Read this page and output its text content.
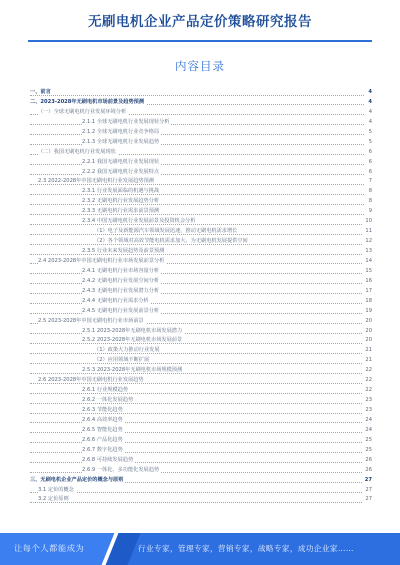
无刷电机企业产品定价策略研究报告
内容目录
一、前言	4
二、2023-2028年无刷电机市场前景及趋势预测	4
（一）全球无刷电机行业发展环境分析	4
2.1.1 全球无刷电机行业发展现状分析	4
2.1.2 全球无刷电机行业竞争格局	5
2.1.3 全球无刷电机行业发展趋势	5
（二）我国无刷电机行业发展现状	6
2.2.1 我国无刷电机行业发展现状	6
2.2.2 我国无刷电机行业发展特点	6
2.3 2022-2028年中国无刷电机行业发展趋势预测	7
2.3.1 行业发展面临的机遇与挑战	8
2.3.2 无刷电机行业发展趋势分析	8
2.3.3 无刷电机行业需求前景预测	9
2.3.4 中国无刷电机行业发展前景及投资机会分析	10
（1）电子及新能源汽车领域发展迅速，推动无刷电机需求增长	11
（2）各个领域对高效节能电机需求加大，为无刷电机发展提供空间	12
2.3.5 行业未来发展趋势及前景预测	13
2.4 2023-2028年中国无刷电机行业市场发展前景分析	14
2.4.1 无刷电机行业市场容量分析	15
2.4.2 无刷电机行业发展空间分析	16
2.4.3 无刷电机行业发展潜力分析	17
2.4.4 无刷电机行业需求分析	18
2.4.5 无刷电机行业发展前景分析	19
2.5 2023-2028年中国无刷电机行业市场前景	20
2.5.1 2023-2028年无刷电机市场发展潜力	20
2.5.2 2023-2028年无刷电机市场发展前景	20
（1）政策大力推动行业发展	21
（2）应用领域不断扩展	21
2.5.3 2023-2028年无刷电机市场规模预测	22
2.6 2023-2028年中国无刷电机行业发展趋势	22
2.6.1 行业规模趋势	22
2.6.2 一体化发展趋势	23
2.6.3 节能化趋势	23
2.6.4 高效率趋势	24
2.6.5 智能化趋势	24
2.6.6 产品化趋势	25
2.6.7 数字化趋势	25
2.6.8 可持续发展趋势	26
2.6.9 一体化、多功能化发展趋势	26
三、无刷电机企业产品定价的概念与原则	27
3.1 定价的概念	27
3.2 定价原则	27
让每个人都能成为	行业专家，管理专家，营销专家，战略专家，成功企业家……
